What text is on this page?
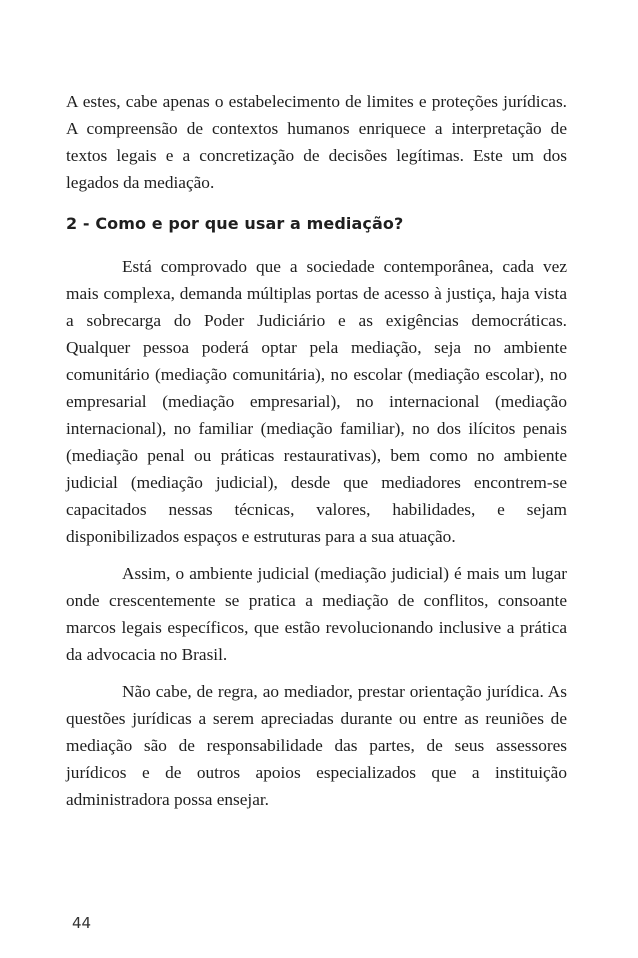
A estes, cabe apenas o estabelecimento de limites e proteções jurídicas. A compreensão de contextos humanos enriquece a interpretação de textos legais e a concretização de decisões legítimas. Este um dos legados da mediação.

2 - Como e por que usar a mediação?

Está comprovado que a sociedade contemporânea, cada vez mais complexa, demanda múltiplas portas de acesso à justiça, haja vista a sobrecarga do Poder Judiciário e as exigências democráticas. Qualquer pessoa poderá optar pela mediação, seja no ambiente comunitário (mediação comunitária), no escolar (mediação escolar), no empresarial (mediação empresarial), no internacional (mediação internacional), no familiar (mediação familiar), no dos ilícitos penais (mediação penal ou práticas restaurativas), bem como no ambiente judicial (mediação judicial), desde que mediadores encontrem-se capacitados nessas técnicas, valores, habilidades, e sejam disponibilizados espaços e estruturas para a sua atuação.

Assim, o ambiente judicial (mediação judicial) é mais um lugar onde crescentemente se pratica a mediação de conflitos, consoante marcos legais específicos, que estão revolucionando inclusive a prática da advocacia no Brasil.

Não cabe, de regra, ao mediador, prestar orientação jurídica. As questões jurídicas a serem apreciadas durante ou entre as reuniões de mediação são de responsabilidade das partes, de seus assessores jurídicos e de outros apoios especializados que a instituição administradora possa ensejar.

44
